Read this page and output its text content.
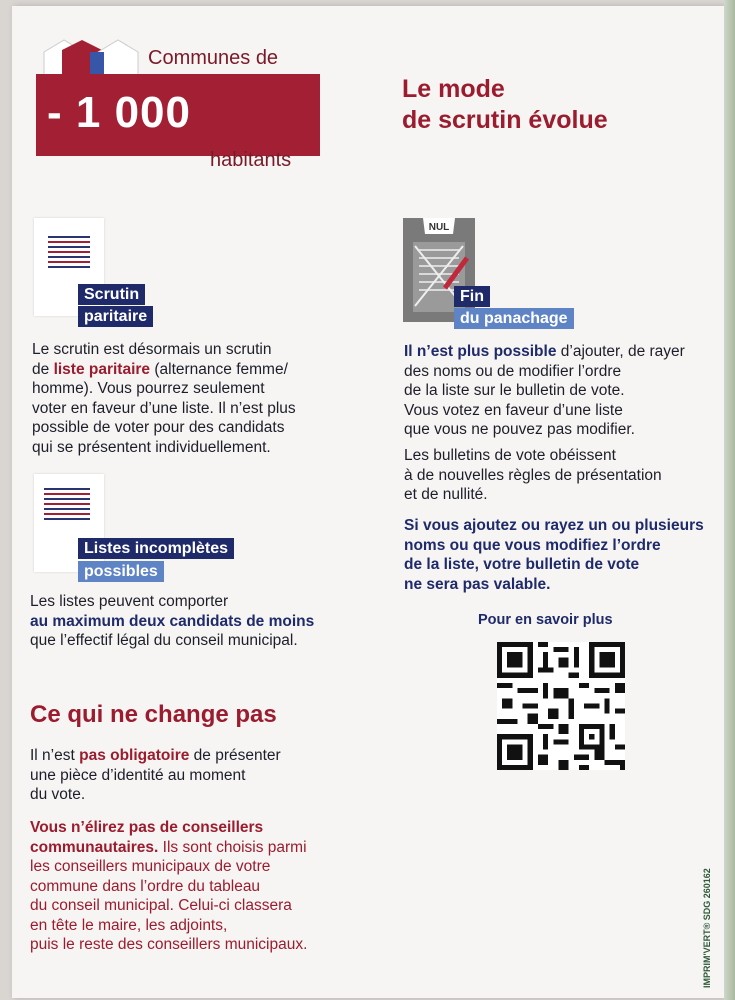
Communes de
- 1 000
habitants
Le mode
de scrutin évolue
Scrutin
paritaire
Le scrutin est désormais un scrutin
de liste paritaire (alternance femme/
homme). Vous pourrez seulement
voter en faveur d’une liste. Il n’est plus
possible de voter pour des candidats
qui se présentent individuellement.
Listes incomplètes
possibles
Les listes peuvent comporter
au maximum deux candidats de moins
que l’effectif légal du conseil municipal.
NUL
Fin
du panachage
Il n’est plus possible d’ajouter, de rayer
des noms ou de modifier l’ordre
de la liste sur le bulletin de vote.
Vous votez en faveur d’une liste
que vous ne pouvez pas modifier.
Les bulletins de vote obéissent
à de nouvelles règles de présentation
et de nullité.
Si vous ajoutez ou rayez un ou plusieurs
noms ou que vous modifiez l’ordre
de la liste, votre bulletin de vote
ne sera pas valable.
Pour en savoir plus
Ce qui ne change pas
Il n’est pas obligatoire de présenter
une pièce d’identité au moment
du vote.
Vous n’élirez pas de conseillers
communautaires. Ils sont choisis parmi
les conseillers municipaux de votre
commune dans l’ordre du tableau
du conseil municipal. Celui-ci classera
en tête le maire, les adjoints,
puis le reste des conseillers municipaux.	IMPRIM'VERT® SDG 260162
